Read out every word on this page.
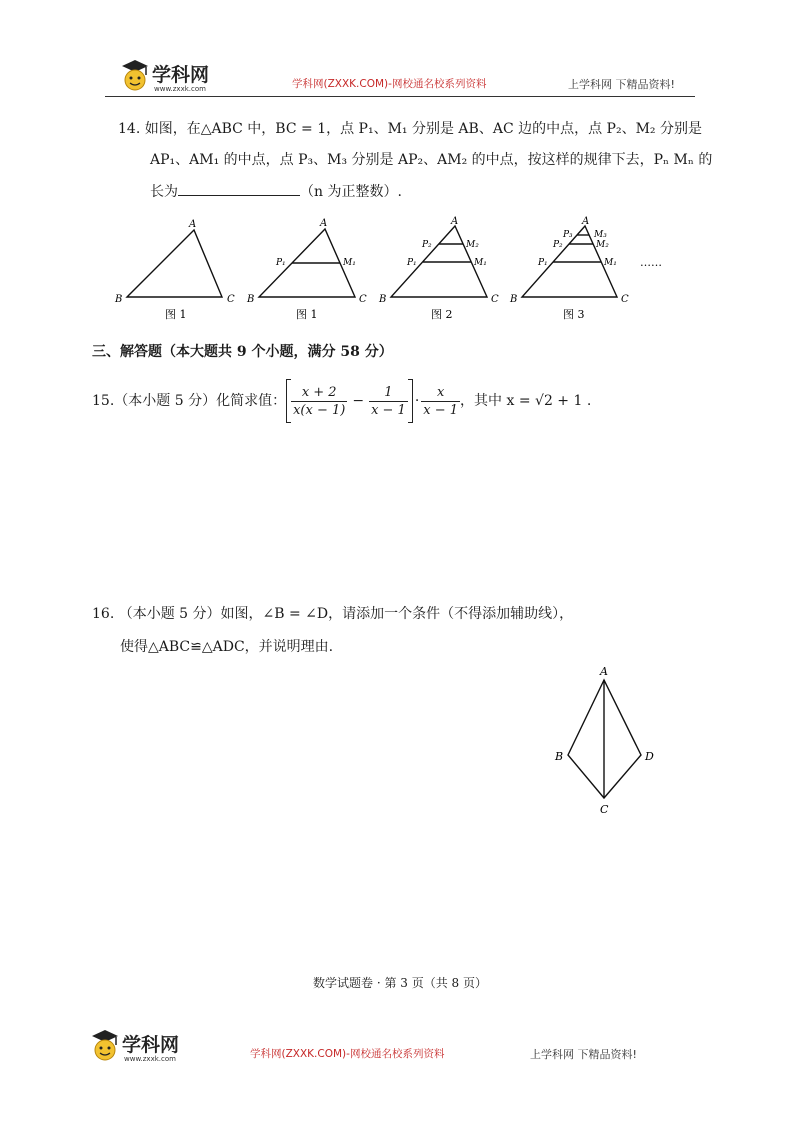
学科网
www.zxxk.com	学科网(ZXXK.COM)-网校通名校系列资料	上学科网 下精品资料!
14. 如图，在△ABC 中，BC = 1，点 P₁、M₁ 分别是 AB、AC 边的中点，点 P₂、M₂ 分别是
AP₁、AM₁ 的中点，点 P₃、M₃ 分别是 AP₂、AM₂ 的中点，按这样的规律下去，Pₙ Mₙ 的
长为	（n 为正整数）.
A
B	C
图 1
A
P₁	M₁
B	C
图 1
A
P₂	M₂
P₁	M₁
B	C
图 2
A
P₃ M₃
P₂	M₂
P₁	M₁
B	C
图 3
……
三、解答题（本大题共 9 个小题，满分 58 分）
15. （本小题 5 分）化简求值： $\frac{x + 2}{x(x - 1)} - \frac{1}{x - 1} \cdot \frac{x}{x - 1}$ ，其中 x = √2 + 1 .
16. （本小题 5 分）如图，∠B = ∠D，请添加一个条件（不得添加辅助线），
使得△ABC≌△ADC，并说明理由.
A
B	D
C
数学试题卷 · 第 3 页（共 8 页）
学科网
www.zxxk.com	学科网(ZXXK.COM)-网校通名校系列资料	上学科网 下精品资料!
